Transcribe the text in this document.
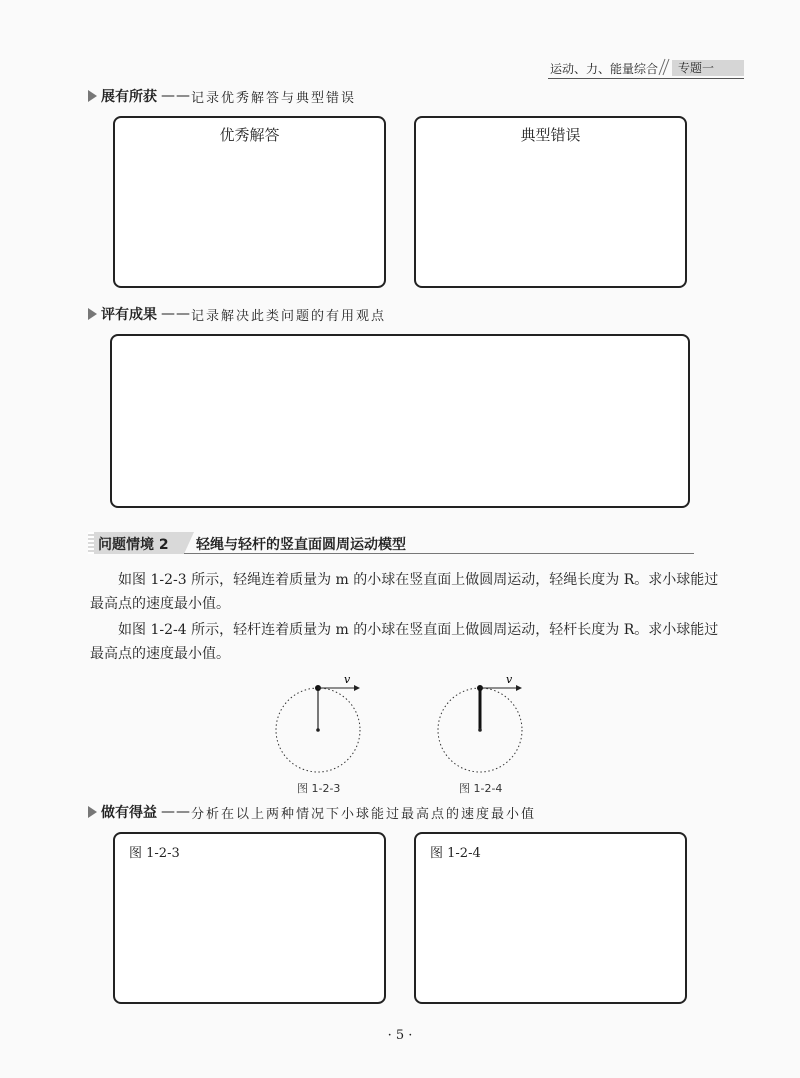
运动、力、能量综合	专题一
展有所获 —— 记录优秀解答与典型错误
优秀解答	典型错误
评有成果 —— 记录解决此类问题的有用观点
问题情境 2 轻绳与轻杆的竖直面圆周运动模型
如图 1-2-3 所示，轻绳连着质量为 m 的小球在竖直面上做圆周运动，轻绳长度为 R。求小球能过最高点的速度最小值。
如图 1-2-4 所示，轻杆连着质量为 m 的小球在竖直面上做圆周运动，轻杆长度为 R。求小球能过最高点的速度最小值。
v
图 1-2-3
v
图 1-2-4
做有得益 —— 分析在以上两种情况下小球能过最高点的速度最小值
图 1-2-3	图 1-2-4
· 5 ·
